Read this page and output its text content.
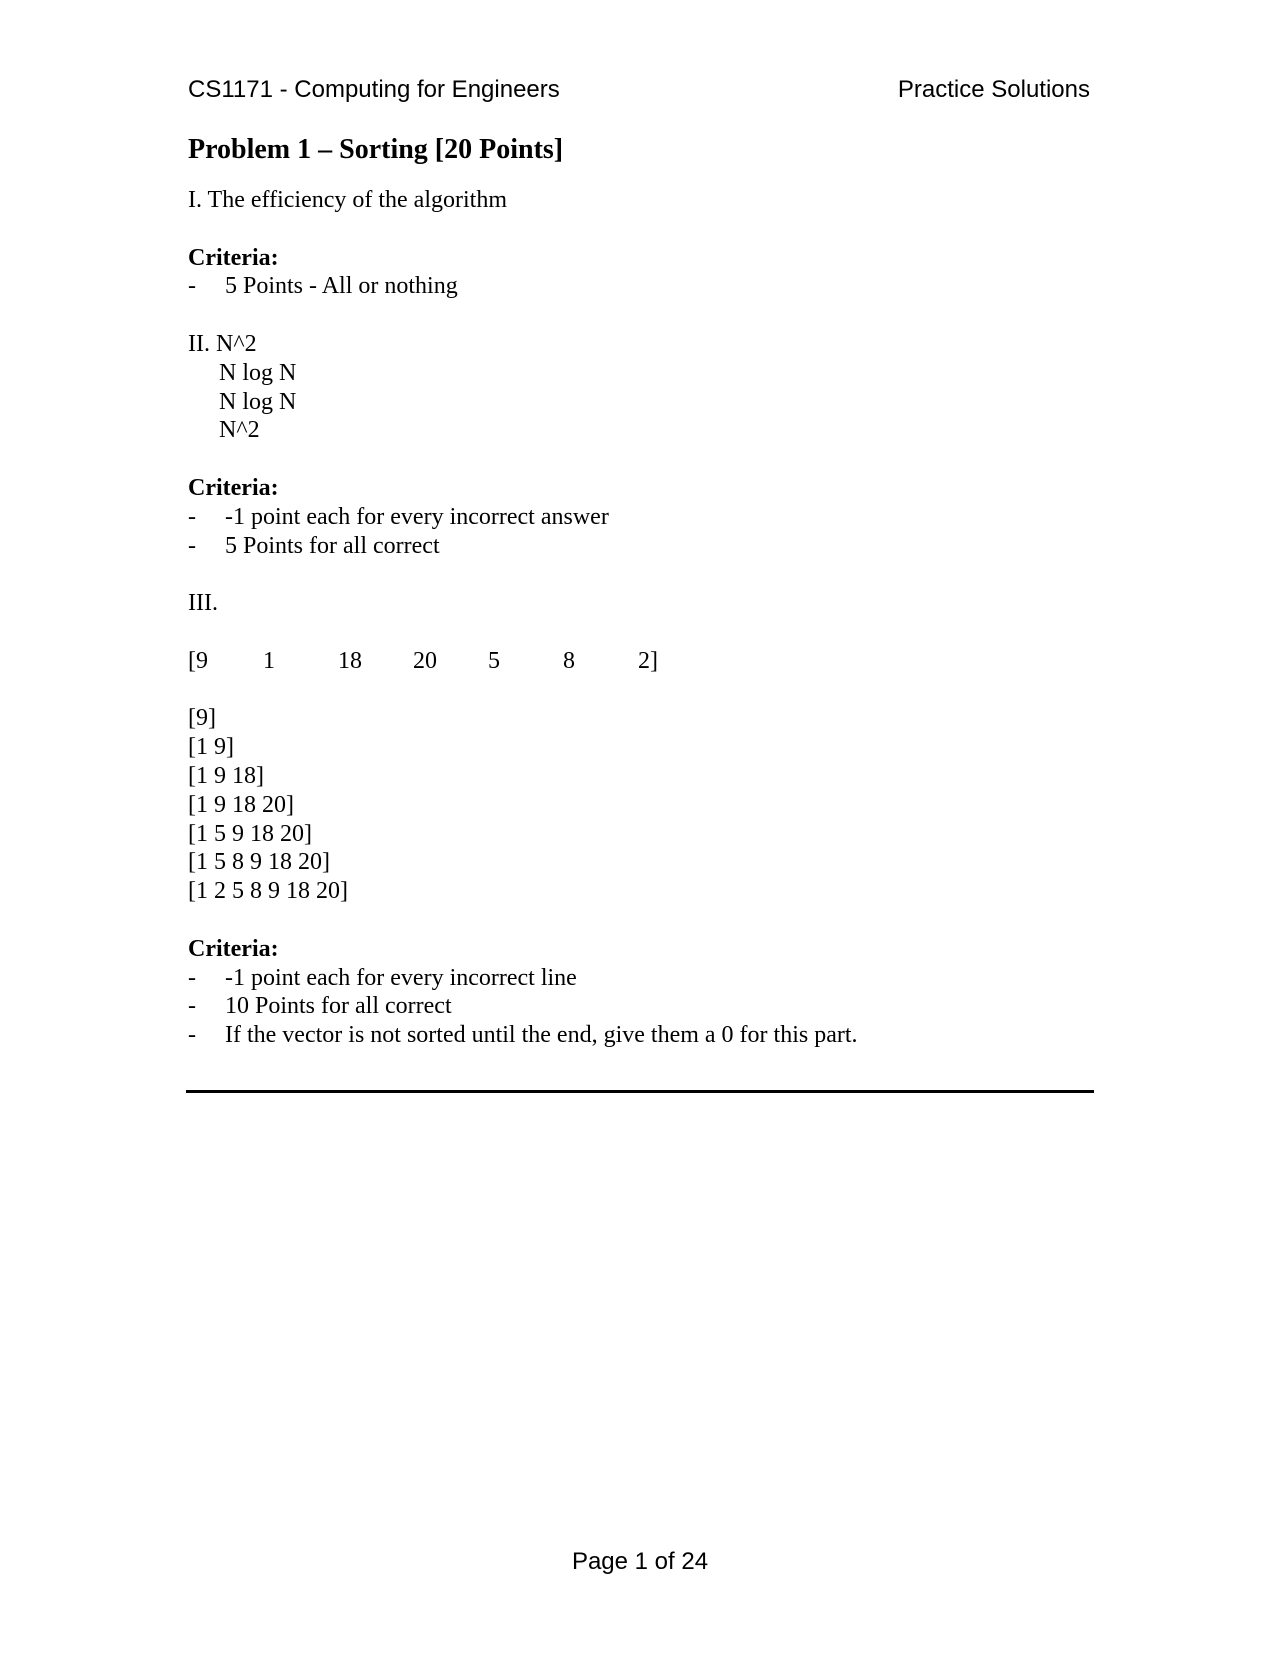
CS1171 - Computing for Engineers	Practice Solutions
Problem 1 – Sorting [20 Points]
I. The efficiency of the algorithm
Criteria:
-	5 Points - All or nothing
II. N^2
N log N
N log N
N^2
Criteria:
-	-1 point each for every incorrect answer
-	5 Points for all correct
III.
[9	1	18	20	5	8	2]
[9]
[1 9]
[1 9 18]
[1 9 18 20]
[1 5 9 18 20]
[1 5 8 9 18 20]
[1 2 5 8 9 18 20]
Criteria:
-	-1 point each for every incorrect line
-	10 Points for all correct
-	If the vector is not sorted until the end, give them a 0 for this part.
Page 1 of 24
